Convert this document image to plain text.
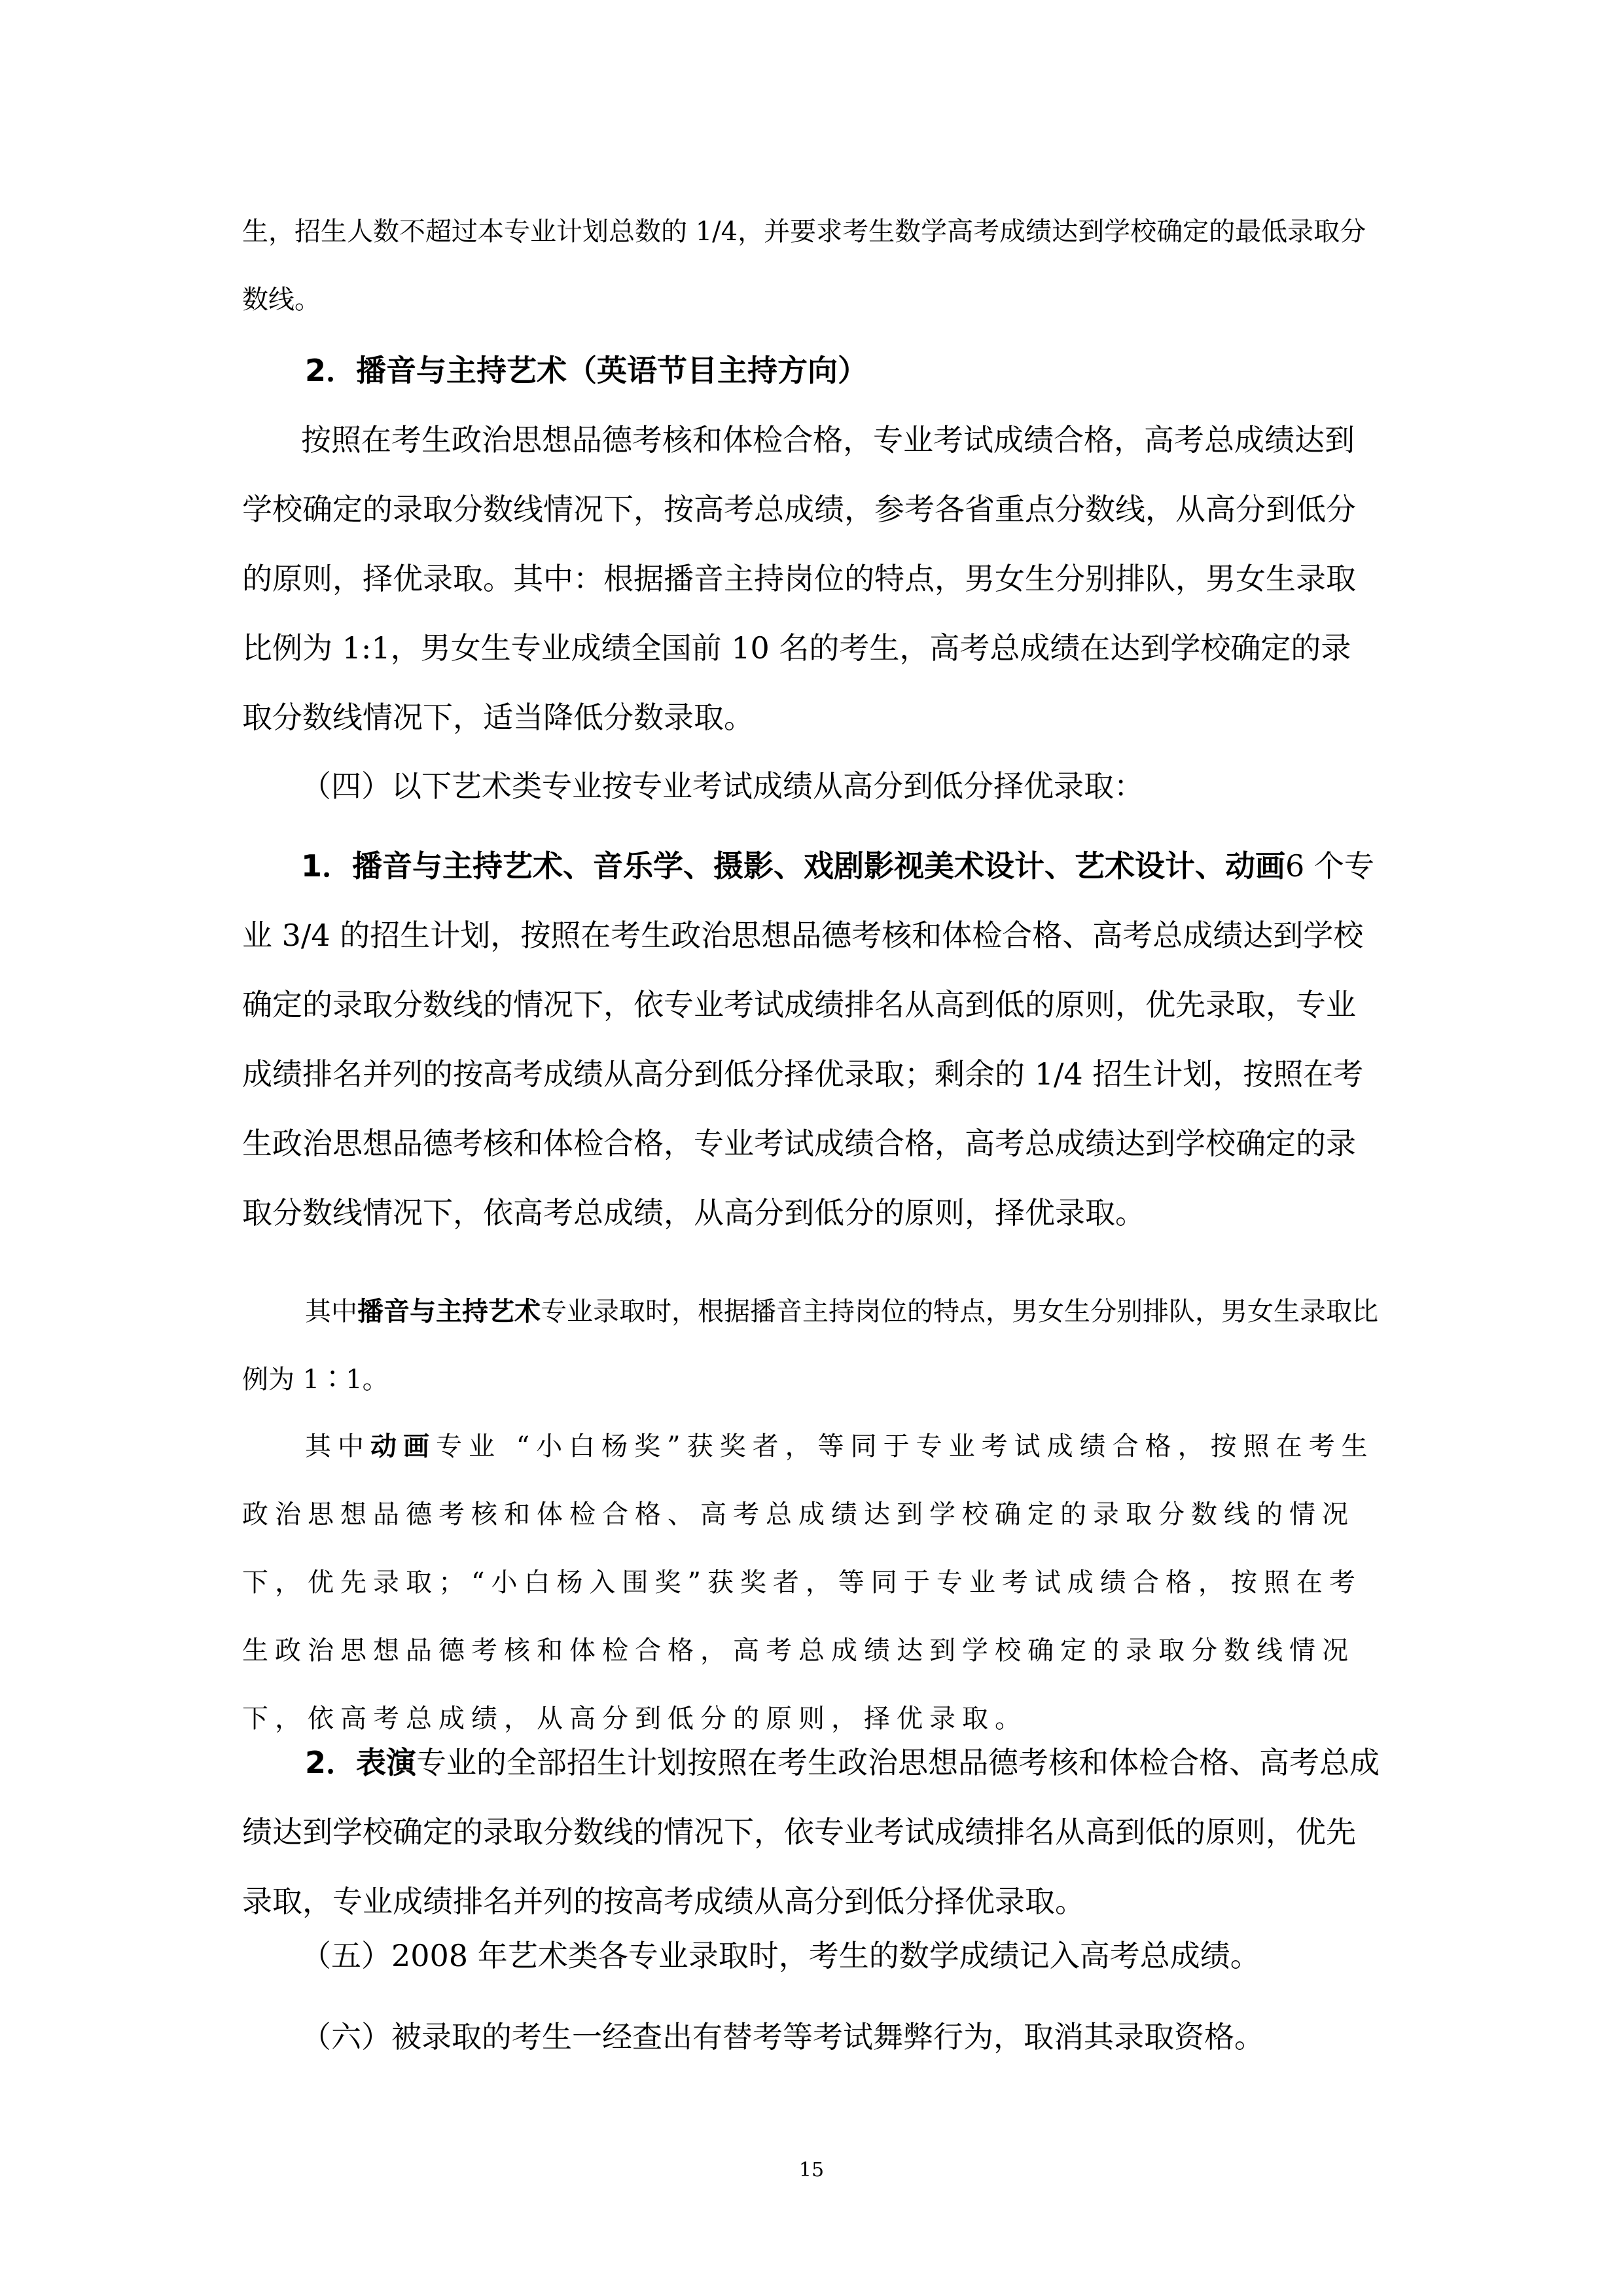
生，招生人数不超过本专业计划总数的 1/4，并要求考生数学高考成绩达到学校确定的最低录取分数线。

2．播音与主持艺术（英语节目主持方向）

按照在考生政治思想品德考核和体检合格，专业考试成绩合格，高考总成绩达到学校确定的录取分数线情况下，按高考总成绩，参考各省重点分数线，从高分到低分的原则，择优录取。其中：根据播音主持岗位的特点，男女生分别排队，男女生录取比例为 1:1，男女生专业成绩全国前 10 名的考生，高考总成绩在达到学校确定的录取分数线情况下，适当降低分数录取。

（四）以下艺术类专业按专业考试成绩从高分到低分择优录取：

1．播音与主持艺术、音乐学、摄影、戏剧影视美术设计、艺术设计、动画6 个专业 3/4 的招生计划，按照在考生政治思想品德考核和体检合格、高考总成绩达到学校确定的录取分数线的情况下，依专业考试成绩排名从高到低的原则，优先录取，专业成绩排名并列的按高考成绩从高分到低分择优录取；剩余的 1/4 招生计划，按照在考生政治思想品德考核和体检合格，专业考试成绩合格，高考总成绩达到学校确定的录取分数线情况下，依高考总成绩，从高分到低分的原则，择优录取。

其中播音与主持艺术专业录取时，根据播音主持岗位的特点，男女生分别排队，男女生录取比例为 1∶1。

其中动画专业 “小白杨奖”获奖者，等同于专业考试成绩合格，按照在考生政治思想品德考核和体检合格、高考总成绩达到学校确定的录取分数线的情况下，优先录取；“小白杨入围奖”获奖者，等同于专业考试成绩合格，按照在考生政治思想品德考核和体检合格，高考总成绩达到学校确定的录取分数线情况下，依高考总成绩，从高分到低分的原则，择优录取。

2．表演专业的全部招生计划按照在考生政治思想品德考核和体检合格、高考总成绩达到学校确定的录取分数线的情况下，依专业考试成绩排名从高到低的原则，优先录取，专业成绩排名并列的按高考成绩从高分到低分择优录取。

（五）2008 年艺术类各专业录取时，考生的数学成绩记入高考总成绩。

（六）被录取的考生一经查出有替考等考试舞弊行为，取消其录取资格。

15
